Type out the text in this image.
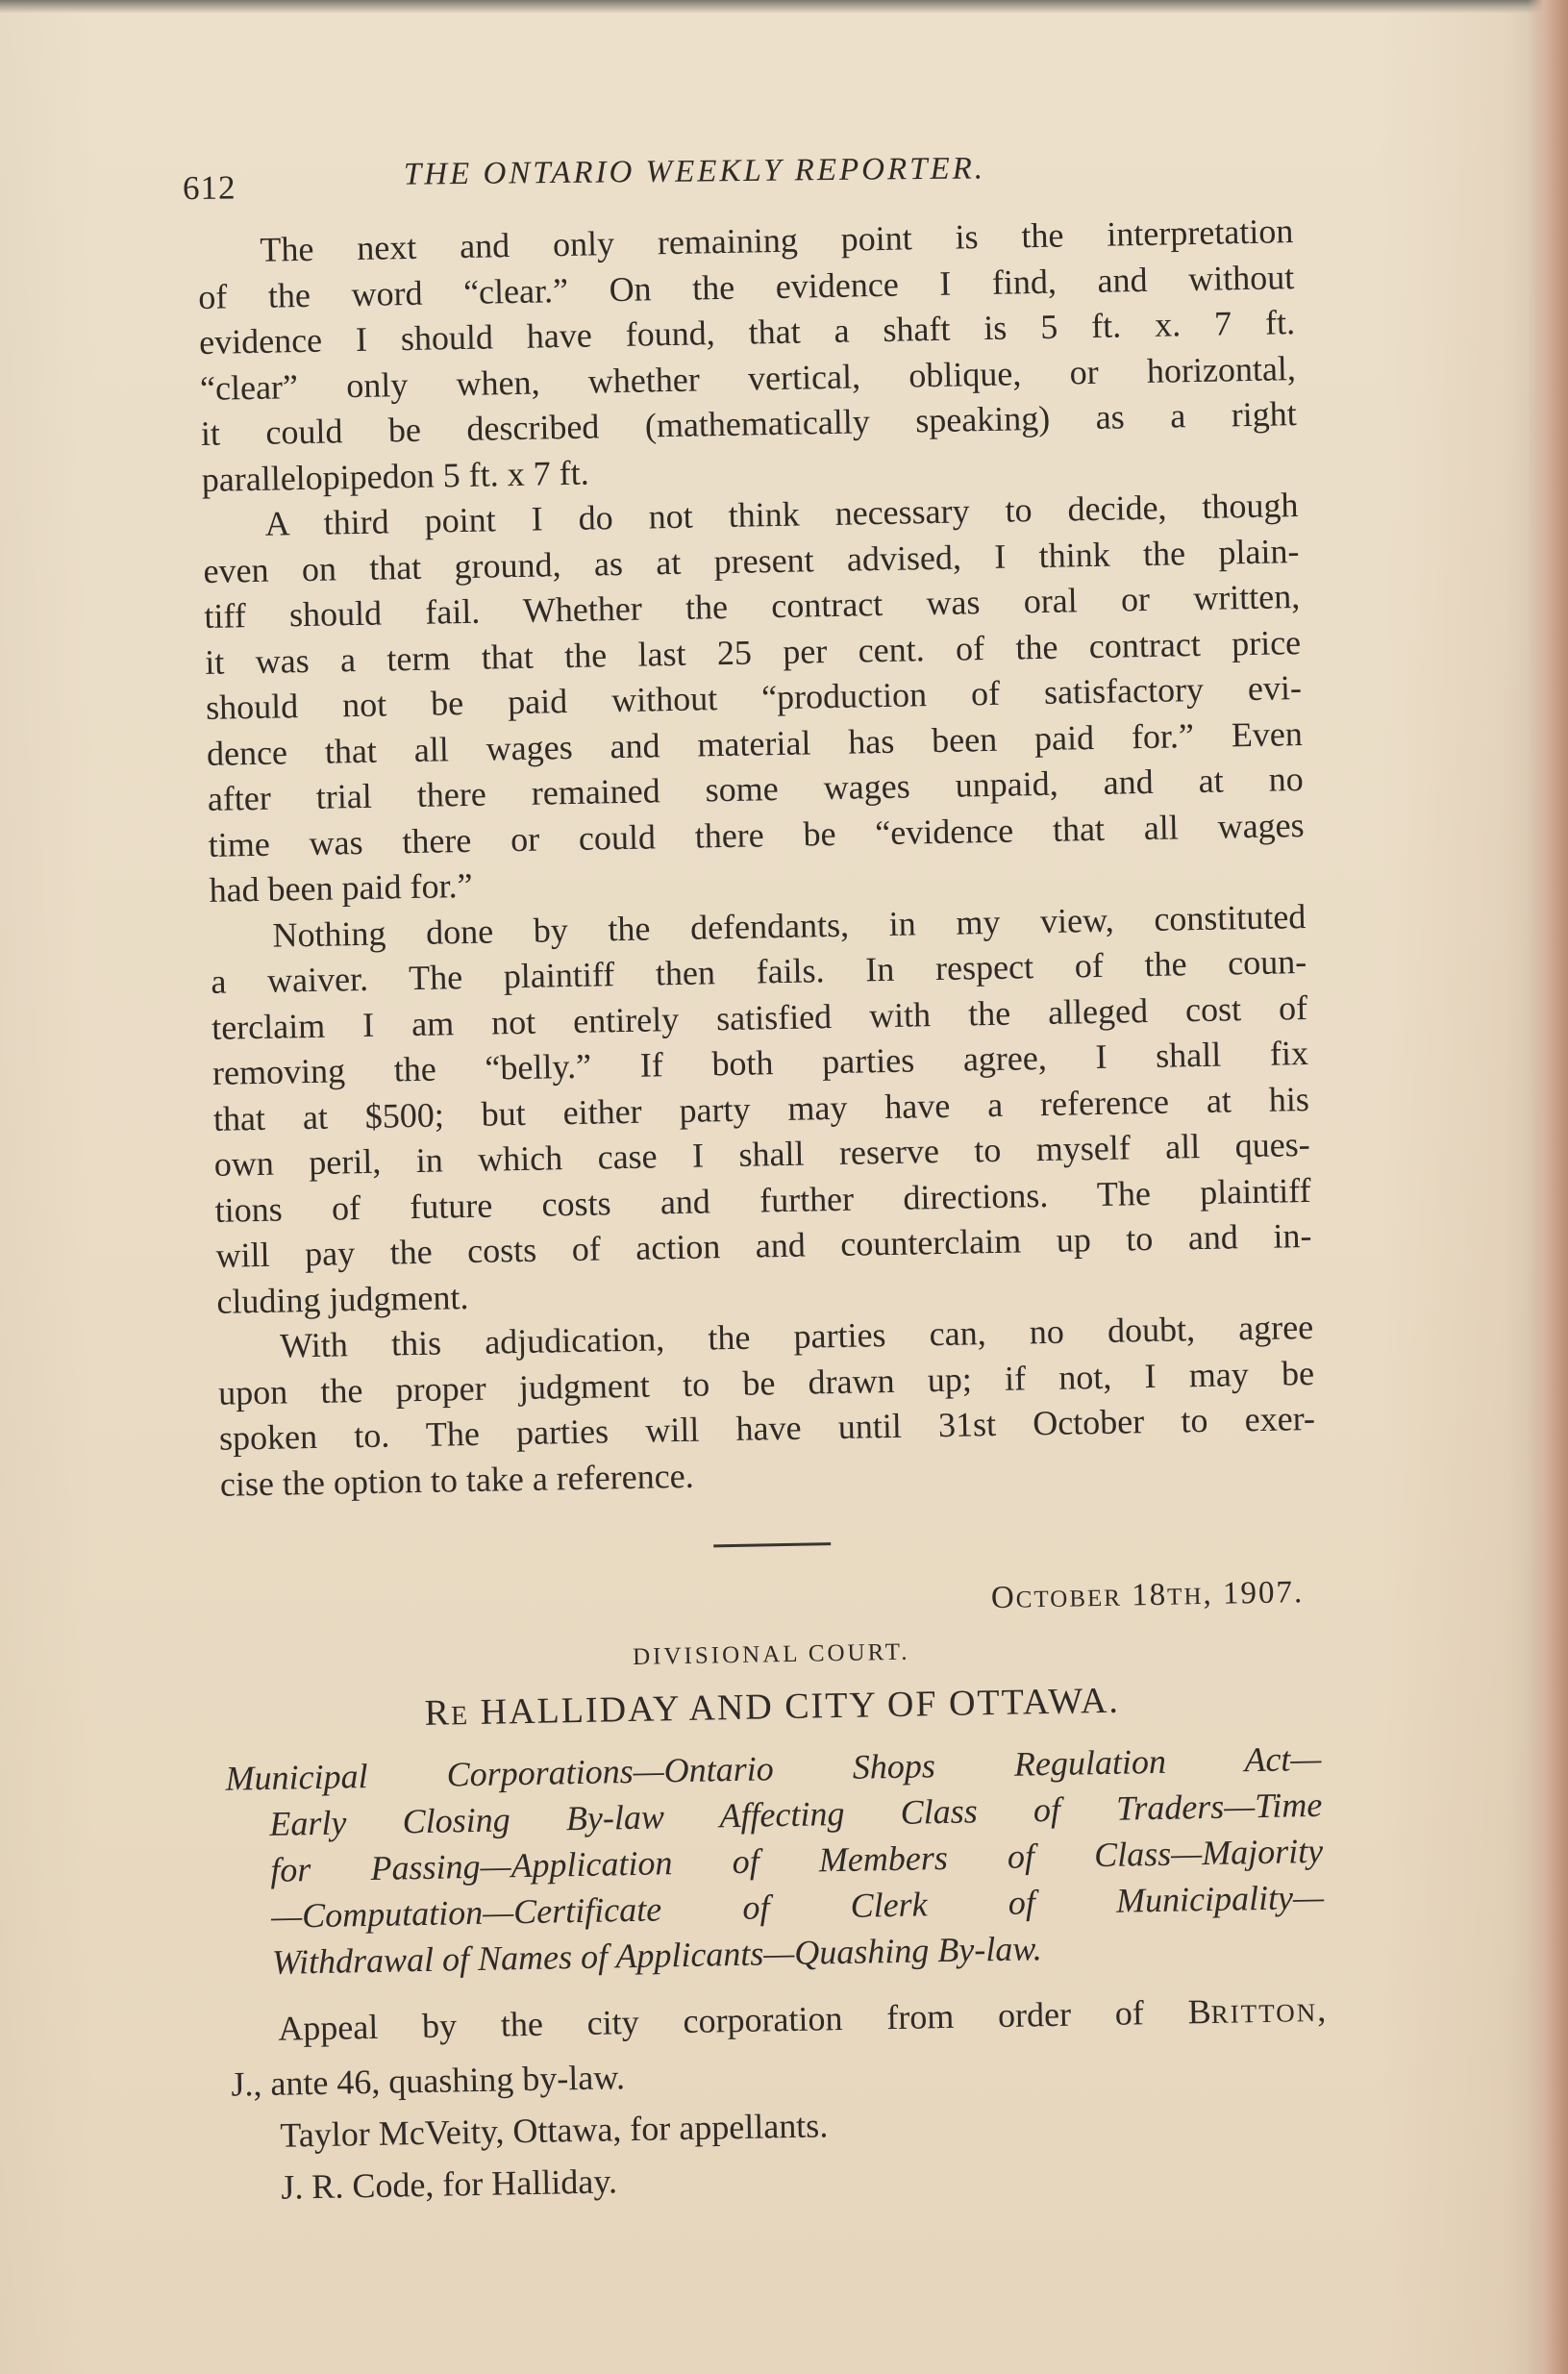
612	THE ONTARIO WEEKLY REPORTER.

The next and only remaining point is the interpretation
of the word “clear.” On the evidence I find, and without
evidence I should have found, that a shaft is 5 ft. x. 7 ft.
“clear” only when, whether vertical, oblique, or horizontal,
it could be described (mathematically speaking) as a right
parallelopipedon 5 ft. x 7 ft.

A third point I do not think necessary to decide, though
even on that ground, as at present advised, I think the plain-
tiff should fail. Whether the contract was oral or written,
it was a term that the last 25 per cent. of the contract price
should not be paid without “production of satisfactory evi-
dence that all wages and material has been paid for.” Even
after trial there remained some wages unpaid, and at no
time was there or could there be “evidence that all wages
had been paid for.”

Nothing done by the defendants, in my view, constituted
a waiver. The plaintiff then fails. In respect of the coun-
terclaim I am not entirely satisfied with the alleged cost of
removing the “belly.” If both parties agree, I shall fix
that at $500; but either party may have a reference at his
own peril, in which case I shall reserve to myself all ques-
tions of future costs and further directions. The plaintiff
will pay the costs of action and counterclaim up to and in-
cluding judgment.

With this adjudication, the parties can, no doubt, agree
upon the proper judgment to be drawn up; if not, I may be
spoken to. The parties will have until 31st October to exer-
cise the option to take a reference.

OCTOBER 18TH, 1907.
DIVISIONAL COURT.
RE HALLIDAY AND CITY OF OTTAWA.
Municipal Corporations—Ontario Shops Regulation Act—
Early Closing By-law Affecting Class of Traders—Time
for Passing—Application of Members of Class—Majority
—Computation—Certificate of Clerk of Municipality—
Withdrawal of Names of Applicants—Quashing By-law.
Appeal by the city corporation from order of BRITTON,
J., ante 46, quashing by-law.
Taylor McVeity, Ottawa, for appellants.
J. R. Code, for Halliday.
